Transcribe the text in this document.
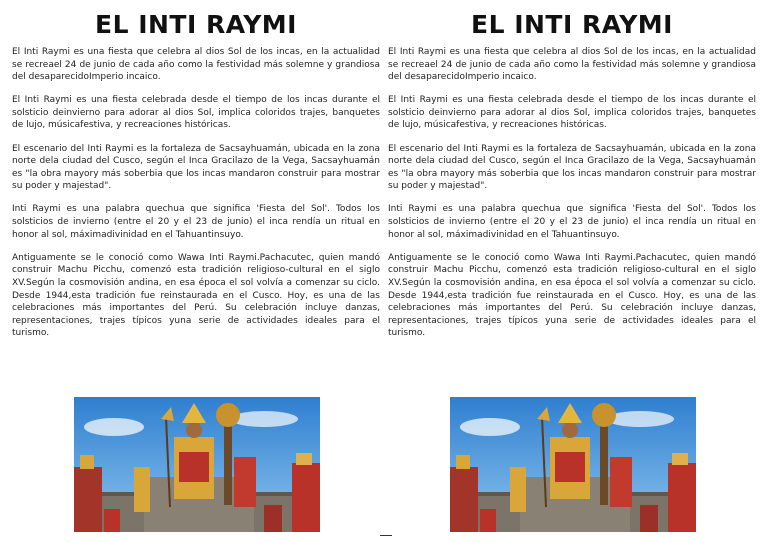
EL INTI RAYMI

El Inti Raymi es una fiesta que celebra al dios Sol de los incas, en la actualidad se recreael 24 de junio de cada año como la festividad más solemne y grandiosa del desaparecidoImperio incaico.

El Inti Raymi es una fiesta celebrada desde el tiempo de los incas durante el solsticio deinvierno para adorar al dios Sol, implica coloridos trajes, banquetes de lujo, músicafestiva, y recreaciones históricas.

El escenario del Inti Raymi es la fortaleza de Sacsayhuamán, ubicada en la zona norte dela ciudad del Cusco, según el Inca Gracilazo de la Vega, Sacsayhuamán es "la obra mayory más soberbia que los incas mandaron construir para mostrar su poder y majestad".

Inti Raymi es una palabra quechua que significa 'Fiesta del Sol'. Todos los solsticios de invierno (entre el 20 y el 23 de junio) el inca rendía un ritual en honor al sol, máximadivinidad en el Tahuantinsuyo.

Antiguamente se le conoció como Wawa Inti Raymi.Pachacutec, quien mandó construir Machu Picchu, comenzó esta tradición religioso-cultural en el siglo XV.Según la cosmovisión andina, en esa época el sol volvía a comenzar su ciclo. Desde 1944,esta tradición fue reinstaurada en el Cusco. Hoy, es una de las celebraciones más importantes del Perú. Su celebración incluye danzas, representaciones, trajes típicos yuna serie de actividades ideales para el turismo.

EL INTI RAYMI

El Inti Raymi es una fiesta que celebra al dios Sol de los incas, en la actualidad se recreael 24 de junio de cada año como la festividad más solemne y grandiosa del desaparecidoImperio incaico.

El Inti Raymi es una fiesta celebrada desde el tiempo de los incas durante el solsticio deinvierno para adorar al dios Sol, implica coloridos trajes, banquetes de lujo, músicafestiva, y recreaciones históricas.

El escenario del Inti Raymi es la fortaleza de Sacsayhuamán, ubicada en la zona norte dela ciudad del Cusco, según el Inca Gracilazo de la Vega, Sacsayhuamán es "la obra mayory más soberbia que los incas mandaron construir para mostrar su poder y majestad".

Inti Raymi es una palabra quechua que significa 'Fiesta del Sol'. Todos los solsticios de invierno (entre el 20 y el 23 de junio) el inca rendía un ritual en honor al sol, máximadivinidad en el Tahuantinsuyo.

Antiguamente se le conoció como Wawa Inti Raymi.Pachacutec, quien mandó construir Machu Picchu, comenzó esta tradición religioso-cultural en el siglo XV.Según la cosmovisión andina, en esa época el sol volvía a comenzar su ciclo. Desde 1944,esta tradición fue reinstaurada en el Cusco. Hoy, es una de las celebraciones más importantes del Perú. Su celebración incluye danzas, representaciones, trajes típicos yuna serie de actividades ideales para el turismo.
